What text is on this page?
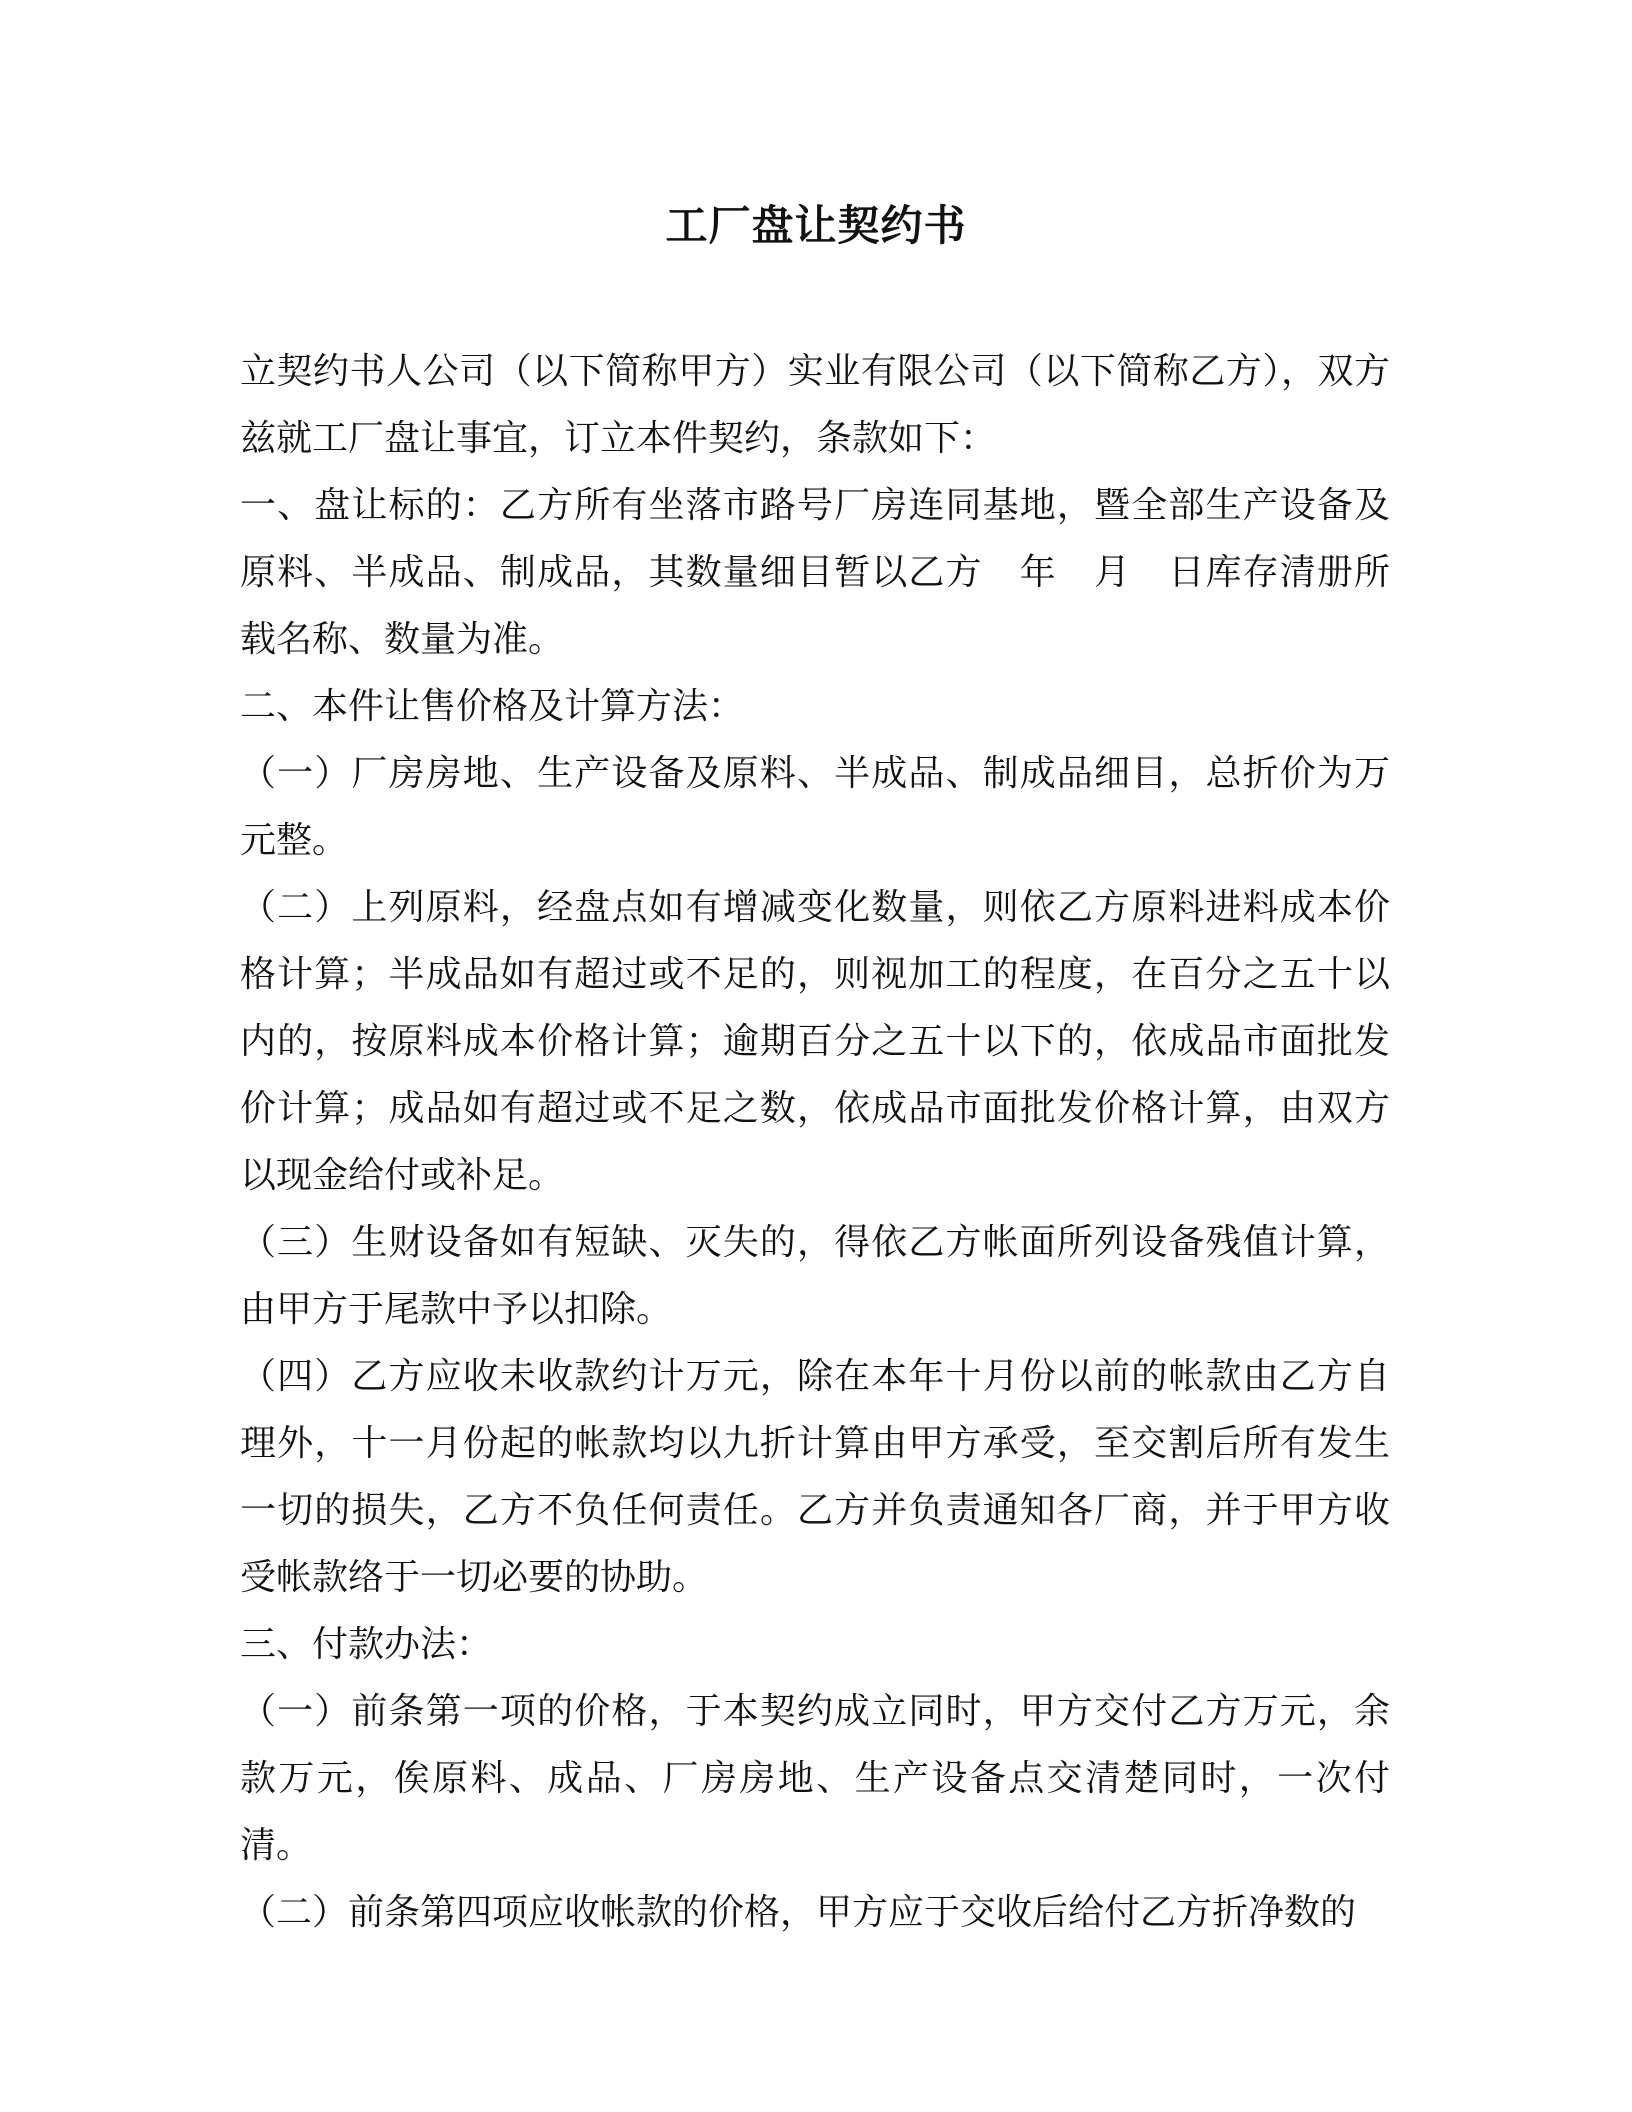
工厂盘让契约书

立契约书人公司（以下简称甲方）实业有限公司（以下简称乙方），双方兹就工厂盘让事宜，订立本件契约，条款如下：

一、盘让标的：乙方所有坐落市路号厂房连同基地，暨全部生产设备及原料、半成品、制成品，其数量细目暂以乙方　年　月　日库存清册所载名称、数量为准。

二、本件让售价格及计算方法：

（一）厂房房地、生产设备及原料、半成品、制成品细目，总折价为万元整。

（二）上列原料，经盘点如有增减变化数量，则依乙方原料进料成本价格计算；半成品如有超过或不足的，则视加工的程度，在百分之五十以内的，按原料成本价格计算；逾期百分之五十以下的，依成品市面批发价计算；成品如有超过或不足之数，依成品市面批发价格计算，由双方以现金给付或补足。

（三）生财设备如有短缺、灭失的，得依乙方帐面所列设备残值计算，由甲方于尾款中予以扣除。

（四）乙方应收未收款约计万元，除在本年十月份以前的帐款由乙方自理外，十一月份起的帐款均以九折计算由甲方承受，至交割后所有发生一切的损失，乙方不负任何责任。乙方并负责通知各厂商，并于甲方收受帐款络于一切必要的协助。

三、付款办法：

（一）前条第一项的价格，于本契约成立同时，甲方交付乙方万元，余款万元，俟原料、成品、厂房房地、生产设备点交清楚同时，一次付清。

（二）前条第四项应收帐款的价格，甲方应于交收后给付乙方折净数的
